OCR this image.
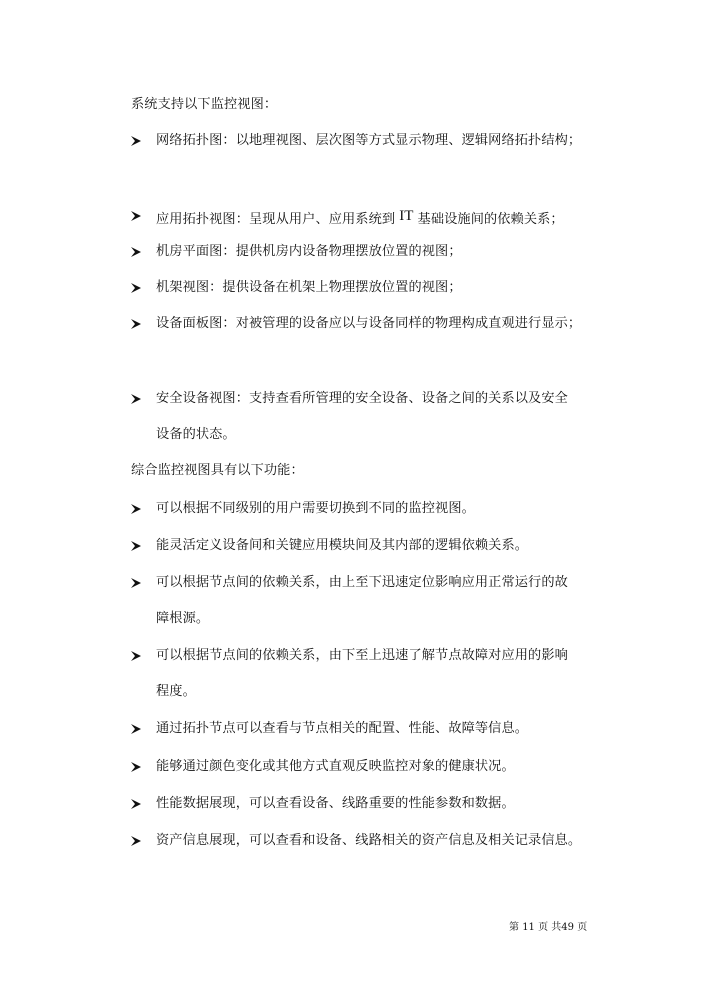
系统支持以下监控视图：
网络拓扑图：以地理视图、层次图等方式显示物理、逻辑网络拓扑结构；
应用拓扑视图：呈现从用户、应用系统到 IT 基础设施间的依赖关系；
机房平面图：提供机房内设备物理摆放位置的视图；
机架视图：提供设备在机架上物理摆放位置的视图；
设备面板图：对被管理的设备应以与设备同样的物理构成直观进行显示；
安全设备视图：支持查看所管理的安全设备、设备之间的关系以及安全
设备的状态。
综合监控视图具有以下功能：
可以根据不同级别的用户需要切换到不同的监控视图。
能灵活定义设备间和关键应用模块间及其内部的逻辑依赖关系。
可以根据节点间的依赖关系，由上至下迅速定位影响应用正常运行的故
障根源。
可以根据节点间的依赖关系，由下至上迅速了解节点故障对应用的影响
程度。
通过拓扑节点可以查看与节点相关的配置、性能、故障等信息。
能够通过颜色变化或其他方式直观反映监控对象的健康状况。
性能数据展现，可以查看设备、线路重要的性能参数和数据。
资产信息展现，可以查看和设备、线路相关的资产信息及相关记录信息。
第 11 页 共49 页
